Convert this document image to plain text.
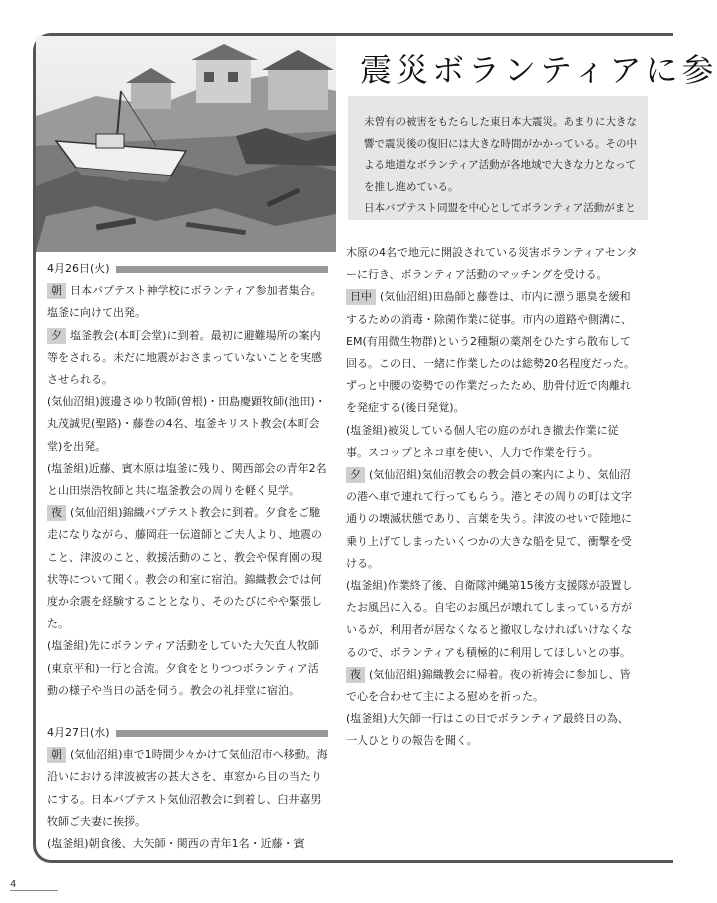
震災ボランティアに参

未曾有の被害をもたらした東日本大震災。あまりに大きな

響で震災後の復旧には大きな時間がかかっている。その中

よる地道なボランティア活動が各地域で大きな力となって

を推し進めている。

日本バプテスト同盟を中心としてボランティア活動がまと

4月26日(火)

朝 日本バプテスト神学校にボランティア参加者集合。塩釜に向けて出発。

夕 塩釜教会(本町会堂)に到着。最初に避難場所の案内等をされる。未だに地震がおさまっていないことを実感させられる。

(気仙沼組)渡邊さゆり牧師(曽根)・田島慶顕牧師(池田)・丸茂誠児(聖路)・藤巻の4名、塩釜キリスト教会(本町会堂)を出発。

(塩釜組)近藤、賓木原は塩釜に残り、関西部会の青年2名と山田崇浩牧師と共に塩釜教会の周りを軽く見学。

夜 (気仙沼組)錦織バプテスト教会に到着。夕食をご馳走になりながら、藤岡荘一伝道師とご夫人より、地震のこと、津波のこと、救援活動のこと、教会や保育園の現状等について聞く。教会の和室に宿泊。錦織教会では何度か余震を経験することとなり、そのたびにやや緊張した。

(塩釜組)先にボランティア活動をしていた大矢直人牧師(東京平和)一行と合流。夕食をとりつつボランティア活動の様子や当日の話を伺う。教会の礼拝堂に宿泊。

4月27日(水)

朝 (気仙沼組)車で1時間少々かけて気仙沼市へ移動。海沿いにおける津波被害の甚大さを、車窓から目の当たりにする。日本バプテスト気仙沼教会に到着し、臼井嘉男牧師ご夫妻に挨拶。

(塩釜組)朝食後、大矢師・関西の青年1名・近藤・賓

木原の4名で地元に開設されている災害ボランティアセンターに行き、ボランティア活動のマッチングを受ける。

日中 (気仙沼組)田島師と藤巻は、市内に漂う悪臭を緩和するための消毒・除菌作業に従事。市内の道路や側溝に、EM(有用微生物群)という2種類の薬剤をひたすら散布して回る。この日、一緒に作業したのは総勢20名程度だった。ずっと中腰の姿勢での作業だったため、肋骨付近で肉離れを発症する(後日発覚)。

(塩釜組)被災している個人宅の庭のがれき撤去作業に従事。スコップとネコ車を使い、人力で作業を行う。

夕 (気仙沼組)気仙沼教会の教会員の案内により、気仙沼の港へ車で連れて行ってもらう。港とその周りの町は文字通りの壊滅状態であり、言葉を失う。津波のせいで陸地に乗り上げてしまったいくつかの大きな船を見て、衝撃を受ける。

(塩釜組)作業終了後、自衛隊沖縄第15後方支援隊が設置したお風呂に入る。自宅のお風呂が壊れてしまっている方がいるが、利用者が居なくなると撤収しなければいけなくなるので、ボランティアも積極的に利用してほしいとの事。

夜 (気仙沼組)錦織教会に帰着。夜の祈祷会に参加し、皆で心を合わせて主による慰めを祈った。

(塩釜組)大矢師一行はこの日でボランティア最終日の為、一人ひとりの報告を聞く。

4
